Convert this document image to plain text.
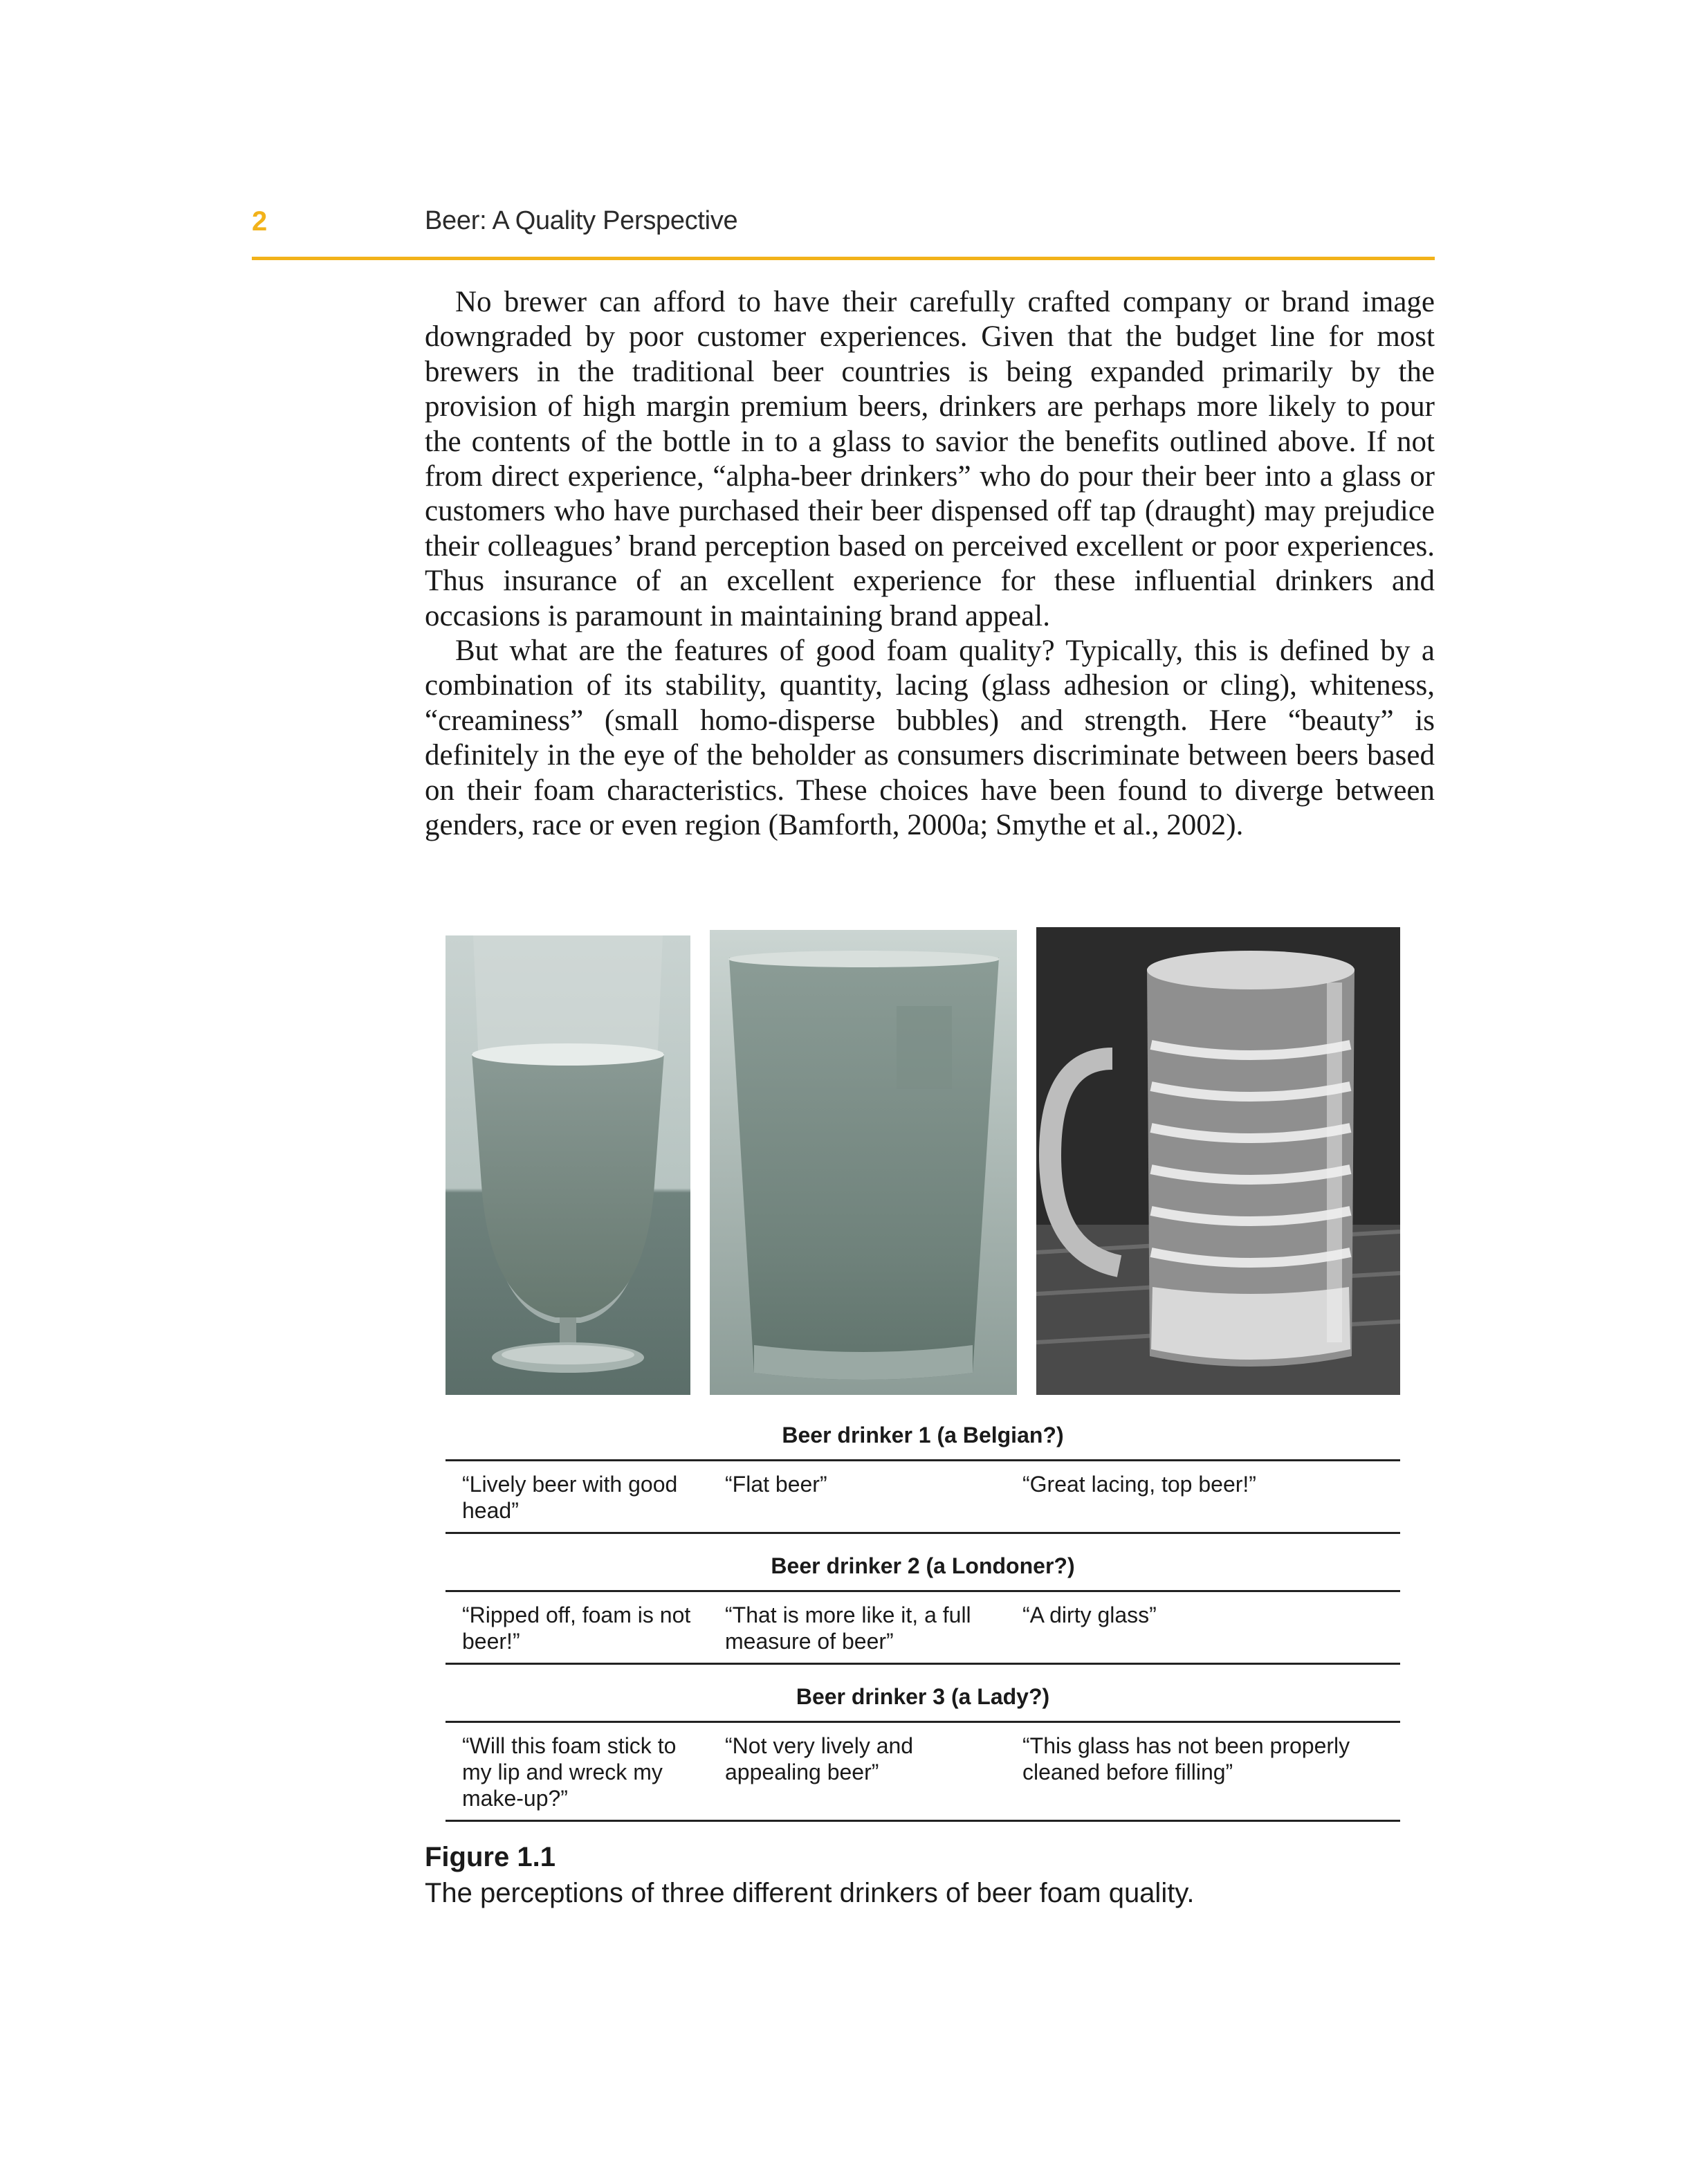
2	Beer: A Quality Perspective

No brewer can afford to have their carefully crafted company or brand image downgraded by poor customer experiences. Given that the budget line for most brewers in the traditional beer countries is being expanded primarily by the provision of high margin premium beers, drinkers are perhaps more likely to pour the contents of the bottle in to a glass to savior the benefits outlined above. If not from direct experience, “alpha-beer drinkers” who do pour their beer into a glass or customers who have purchased their beer dispensed off tap (draught) may prejudice their colleagues’ brand perception based on perceived excellent or poor experiences. Thus insurance of an excellent experience for these influential drinkers and occasions is paramount in maintaining brand appeal.

But what are the features of good foam quality? Typically, this is defined by a combination of its stability, quantity, lacing (glass adhesion or cling), whiteness, “creaminess” (small homo-disperse bubbles) and strength. Here “beauty” is definitely in the eye of the beholder as consumers discriminate between beers based on their foam characteristics. These choices have been found to diverge between genders, race or even region (Bamforth, 2000a; Smythe et al., 2002).

Beer drinker 1 (a Belgian?)
“Lively beer with good head”
“Flat beer”	“Great lacing, top beer!”
Beer drinker 2 (a Londoner?)
“Ripped off, foam is not beer!”
“That is more like it, a full measure of beer”
“A dirty glass”
Beer drinker 3 (a Lady?)
“Will this foam stick to my lip and wreck my make-up?”
“Not very lively and appealing beer”
“This glass has not been properly cleaned before filling”
Figure 1.1
The perceptions of three different drinkers of beer foam quality.
